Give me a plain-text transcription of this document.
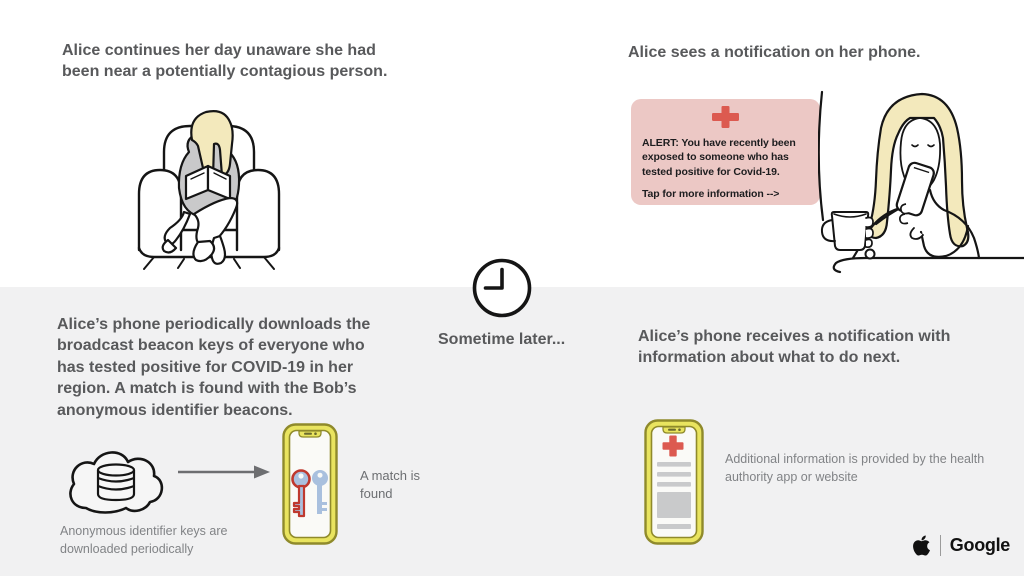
Alice continues her day unaware she had been near a potentially contagious person.
Alice sees a notification on her phone.
Alice’s phone periodically downloads the broadcast beacon keys of everyone who has tested positive for COVID-19 in her region. A match is found with the Bob’s anonymous identifier beacons.
Alice’s phone receives a notification with information about what to do next.
Sometime later...
ALERT: You have recently been exposed to someone who has tested positive for Covid-19.
Tap for more information -->
A match is found
Anonymous identifier keys are downloaded periodically
Additional information is provided by the health authority app or website
Google
